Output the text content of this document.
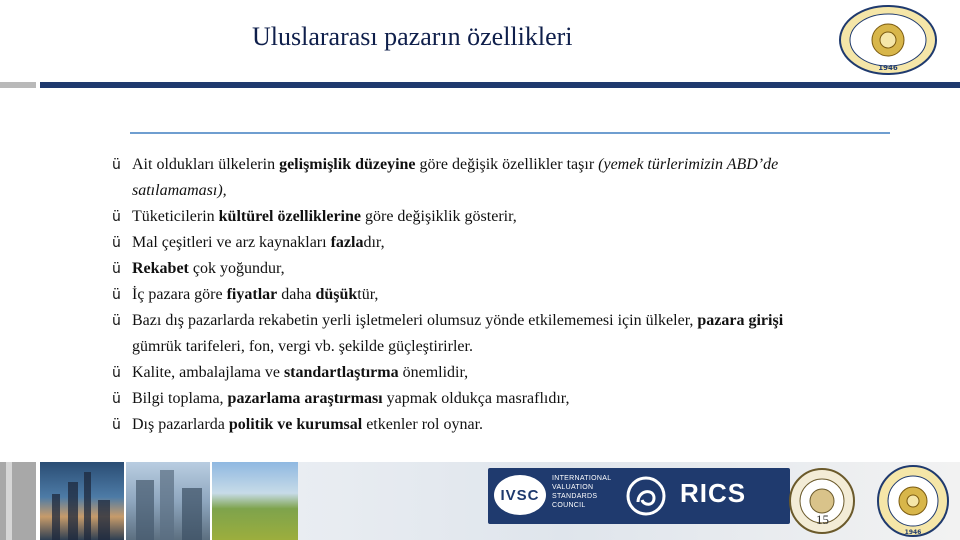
Uluslararası pazarın özellikleri
1946
ü Ait oldukları ülkelerin gelişmişlik düzeyine göre değişik özellikler taşır (yemek türlerimizin ABD’de
satılamaması),
ü Tüketicilerin kültürel özelliklerine göre değişiklik gösterir,
ü Mal çeşitleri ve arz kaynakları fazladır,
ü Rekabet çok yoğundur,
ü İç pazara göre fiyatlar daha düşüktür,
ü Bazı dış pazarlarda rekabetin yerli işletmeleri olumsuz yönde etkilememesi için ülkeler, pazara girişi
gümrük tarifeleri, fon, vergi vb. şekilde güçleştirirler.
ü Kalite, ambalajlama ve standartlaştırma önemlidir,
ü Bilgi toplama, pazarlama araştırması yapmak oldukça masraflıdır,
ü Dış pazarlarda politik ve kurumsal etkenler rol oynar.
IVSC
INTERNATIONAL
VALUATION
STANDARDS
COUNCIL	RICS
1946
15
